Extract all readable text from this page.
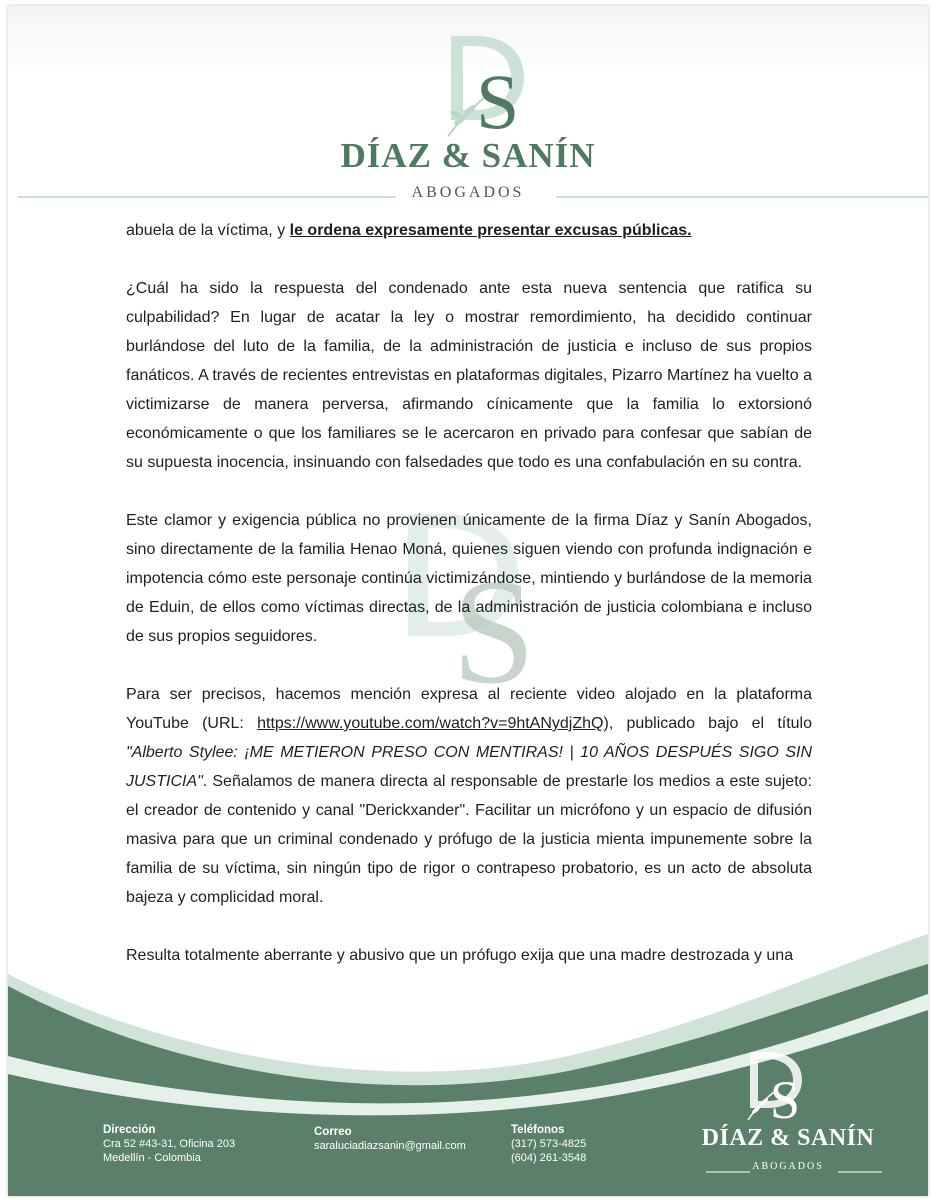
S
DÍAZ & SANÍN
ABOGADOS
S

abuela de la víctima, y le ordena expresamente presentar excusas públicas.

¿Cuál ha sido la respuesta del condenado ante esta nueva sentencia que ratifica su culpabilidad? En lugar de acatar la ley o mostrar remordimiento, ha decidido continuar burlándose del luto de la familia, de la administración de justicia e incluso de sus propios fanáticos. A través de recientes entrevistas en plataformas digitales, Pizarro Martínez ha vuelto a victimizarse de manera perversa, afirmando cínicamente que la familia lo extorsionó económicamente o que los familiares se le acercaron en privado para confesar que sabían de su supuesta inocencia, insinuando con falsedades que todo es una confabulación en su contra.

Este clamor y exigencia pública no provienen únicamente de la firma Díaz y Sanín Abogados, sino directamente de la familia Henao Moná, quienes siguen viendo con profunda indignación e impotencia cómo este personaje continúa victimizándose, mintiendo y burlándose de la memoria de Eduin, de ellos como víctimas directas, de la administración de justicia colombiana e incluso de sus propios seguidores.

Para ser precisos, hacemos mención expresa al reciente video alojado en la plataforma YouTube (URL: https://www.youtube.com/watch?v=9htANydjZhQ), publicado bajo el título "Alberto Stylee: ¡ME METIERON PRESO CON MENTIRAS! | 10 AÑOS DESPUÉS SIGO SIN JUSTICIA". Señalamos de manera directa al responsable de prestarle los medios a este sujeto: el creador de contenido y canal "Derickxander". Facilitar un micrófono y un espacio de difusión masiva para que un criminal condenado y prófugo de la justicia mienta impunemente sobre la familia de su víctima, sin ningún tipo de rigor o contrapeso probatorio, es un acto de absoluta bajeza y complicidad moral.

Resulta totalmente aberrante y abusivo que un prófugo exija que una madre destrozada y una

Dirección
Cra 52 #43-31, Oficina 203
Medellín - Colombia
Correo
saraluciadiazsanin@gmail.com
Teléfonos
(317) 573-4825
(604) 261-3548
S
DÍAZ & SANÍN
ABOGADOS
